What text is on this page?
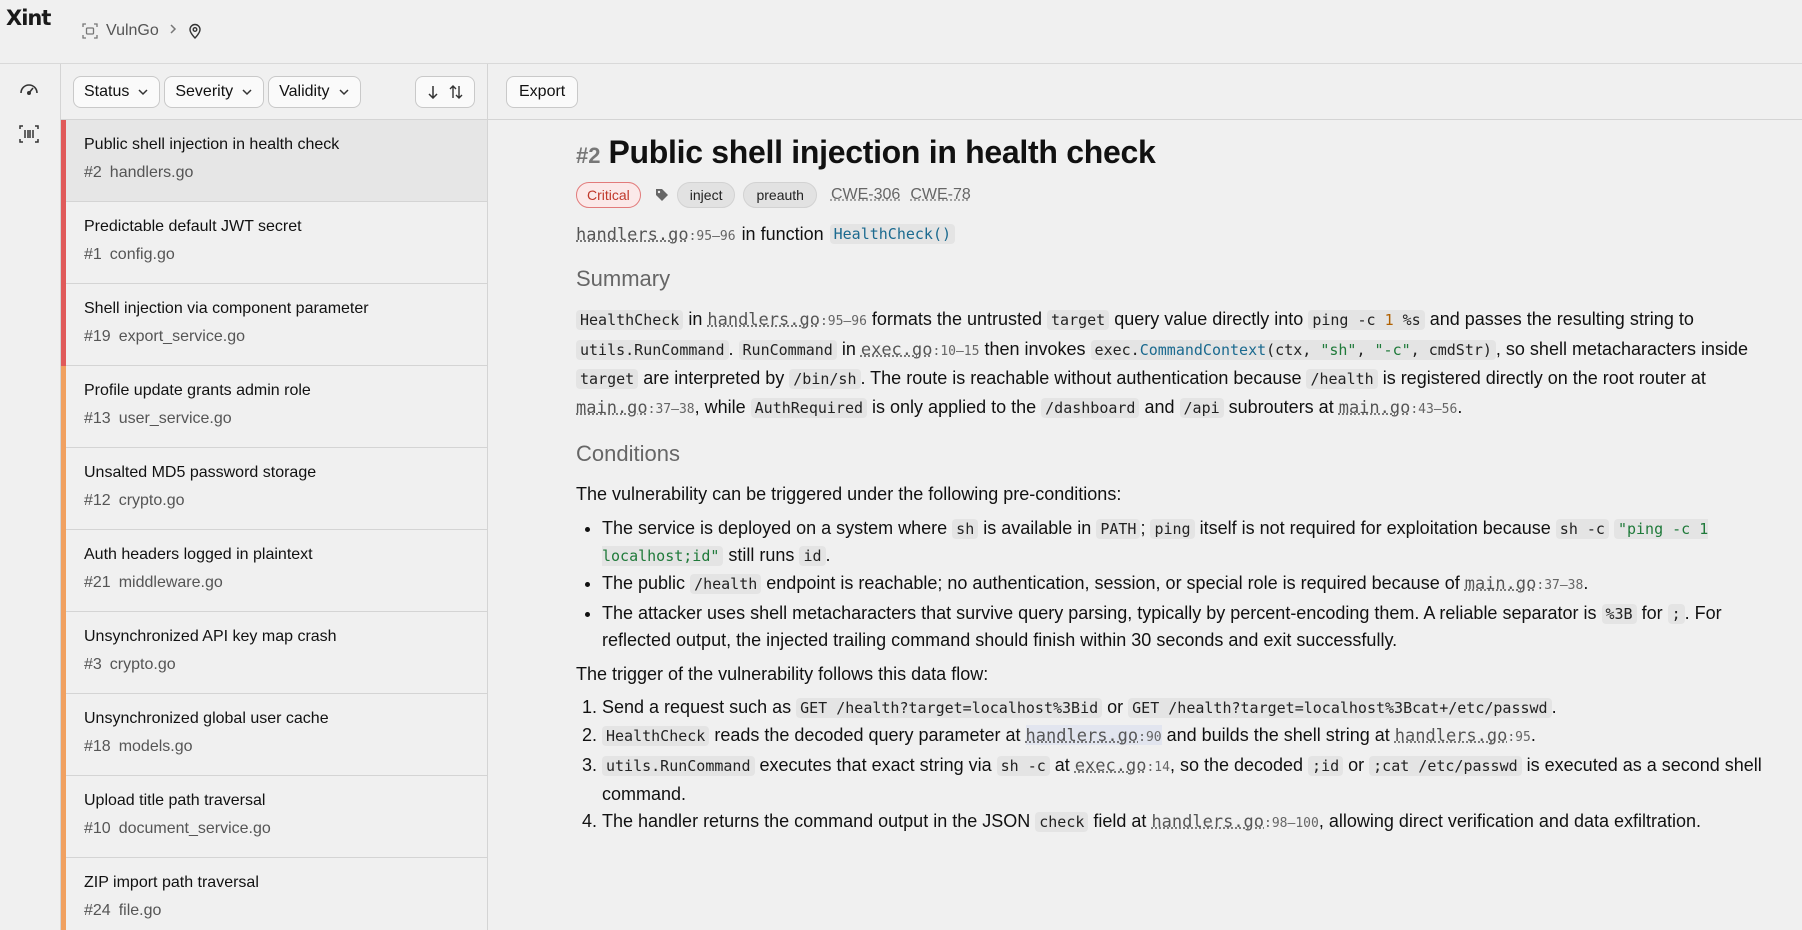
Xint
VulnGo
Status	Severity	Validity
Public shell injection in health check
#2 handlers.go
Predictable default JWT secret
#1 config.go
Shell injection via component parameter
#19 export_service.go
Profile update grants admin role
#13 user_service.go
Unsalted MD5 password storage
#12 crypto.go
Auth headers logged in plaintext
#21 middleware.go
Unsynchronized API key map crash
#3 crypto.go
Unsynchronized global user cache
#18 models.go
Upload title path traversal
#10 document_service.go
ZIP import path traversal
#24 file.go
Export
#2 Public shell injection in health check
Critical	inject	preauth	CWE-306 CWE-78
handlers.go:95–96 in function HealthCheck()
Summary
HealthCheck in handlers.go:95–96 formats the untrusted target query value directly into ping -c 1 %s and passes the resulting string to utils.RunCommand . RunCommand in exec.go:10–15 then invokes exec.CommandContext(ctx, "sh", "-c", cmdStr) , so shell metacharacters inside target are interpreted by /bin/sh . The route is reachable without authentication because /health is registered directly on the root router at main.go:37–38, while AuthRequired is only applied to the /dashboard and /api subrouters at main.go:43–56.
Conditions
The vulnerability can be triggered under the following pre-conditions:
• The service is deployed on a system where sh is available in PATH ; ping itself is not required for exploitation because sh -c "ping -c 1 localhost;id" still runs id .
• The public /health endpoint is reachable; no authentication, session, or special role is required because of main.go:37–38.
• The attacker uses shell metacharacters that survive query parsing, typically by percent-encoding them. A reliable separator is %3B for ; . For reflected output, the injected trailing command should finish within 30 seconds and exit successfully.
The trigger of the vulnerability follows this data flow:
1. Send a request such as GET /health?target=localhost%3Bid or GET /health?target=localhost%3Bcat+/etc/passwd .
2. HealthCheck reads the decoded query parameter at handlers.go:90 and builds the shell string at handlers.go:95.
3. utils.RunCommand executes that exact string via sh -c at exec.go:14, so the decoded ;id or ;cat /etc/passwd is executed as a second shell command.
4. The handler returns the command output in the JSON check field at handlers.go:98–100, allowing direct verification and data exfiltration.
